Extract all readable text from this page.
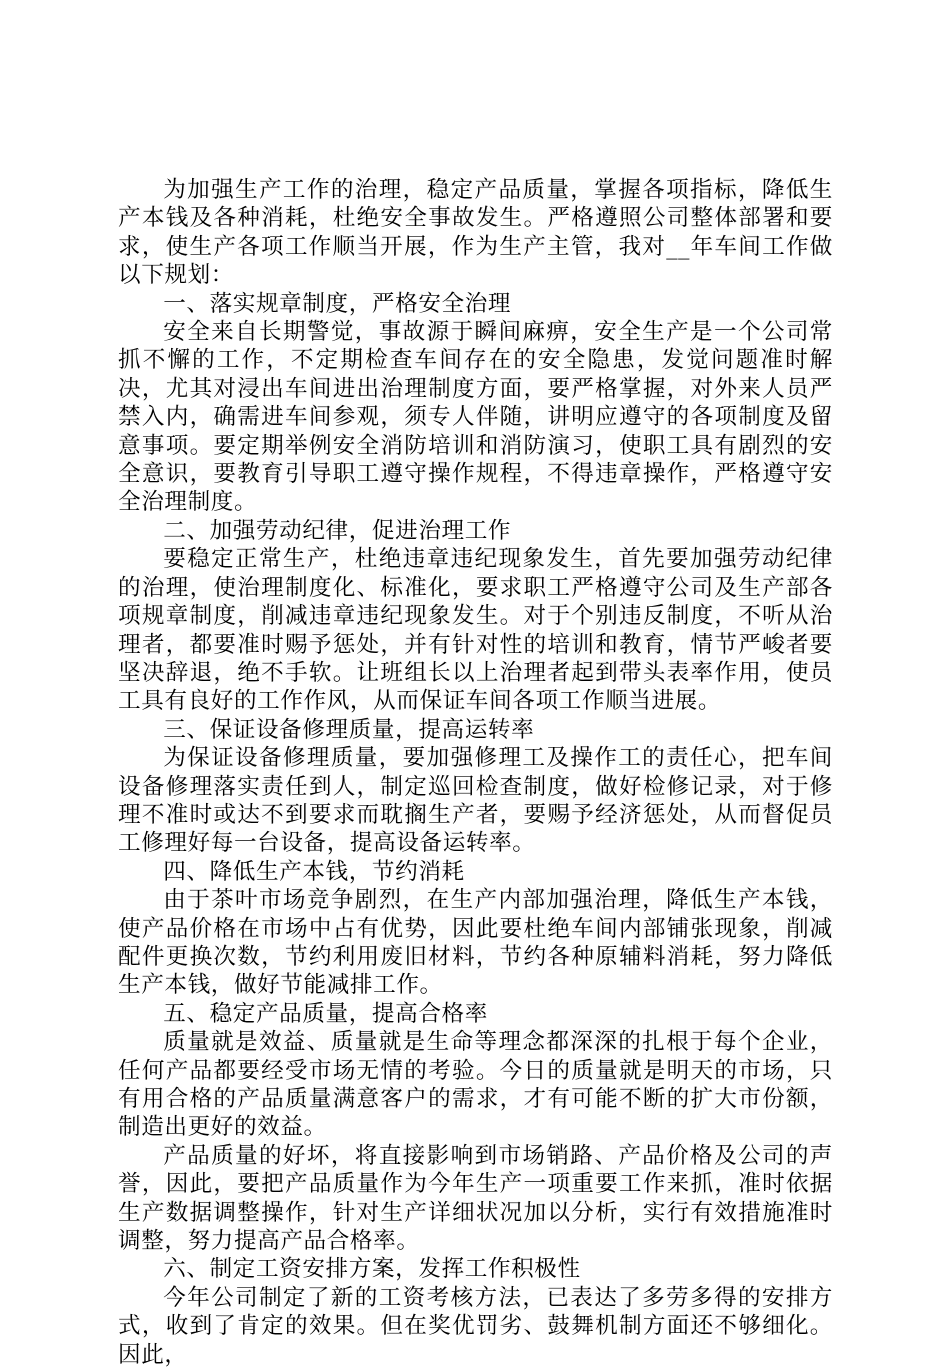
为加强生产工作的治理，稳定产品质量，掌握各项指标，降低生产本钱及各种消耗，杜绝安全事故发生。严格遵照公司整体部署和要求，使生产各项工作顺当开展，作为生产主管，我对__年车间工作做以下规划：

一、落实规章制度，严格安全治理

安全来自长期警觉，事故源于瞬间麻痹，安全生产是一个公司常抓不懈的工作，不定期检查车间存在的安全隐患，发觉问题准时解决，尤其对浸出车间进出治理制度方面，要严格掌握，对外来人员严禁入内，确需进车间参观，须专人伴随，讲明应遵守的各项制度及留意事项。要定期举例安全消防培训和消防演习，使职工具有剧烈的安全意识，要教育引导职工遵守操作规程，不得违章操作，严格遵守安全治理制度。

二、加强劳动纪律，促进治理工作

要稳定正常生产，杜绝违章违纪现象发生，首先要加强劳动纪律的治理，使治理制度化、标准化，要求职工严格遵守公司及生产部各项规章制度，削减违章违纪现象发生。对于个别违反制度，不听从治理者，都要准时赐予惩处，并有针对性的培训和教育，情节严峻者要坚决辞退，绝不手软。让班组长以上治理者起到带头表率作用，使员工具有良好的工作作风，从而保证车间各项工作顺当进展。

三、保证设备修理质量，提高运转率

为保证设备修理质量，要加强修理工及操作工的责任心，把车间设备修理落实责任到人，制定巡回检查制度，做好检修记录，对于修理不准时或达不到要求而耽搁生产者，要赐予经济惩处，从而督促员工修理好每一台设备，提高设备运转率。

四、降低生产本钱，节约消耗

由于茶叶市场竞争剧烈，在生产内部加强治理，降低生产本钱，使产品价格在市场中占有优势，因此要杜绝车间内部铺张现象，削减配件更换次数，节约利用废旧材料，节约各种原辅料消耗，努力降低生产本钱，做好节能减排工作。

五、稳定产品质量，提高合格率

质量就是效益、质量就是生命等理念都深深的扎根于每个企业，任何产品都要经受市场无情的考验。今日的质量就是明天的市场，只有用合格的产品质量满意客户的需求，才有可能不断的扩大市份额，制造出更好的效益。

产品质量的好坏，将直接影响到市场销路、产品价格及公司的声誉，因此，要把产品质量作为今年生产一项重要工作来抓，准时依据生产数据调整操作，针对生产详细状况加以分析，实行有效措施准时调整，努力提高产品合格率。

六、制定工资安排方案，发挥工作积极性

今年公司制定了新的工资考核方法，已表达了多劳多得的安排方式，收到了肯定的效果。但在奖优罚劣、鼓舞机制方面还不够细化。因此，
